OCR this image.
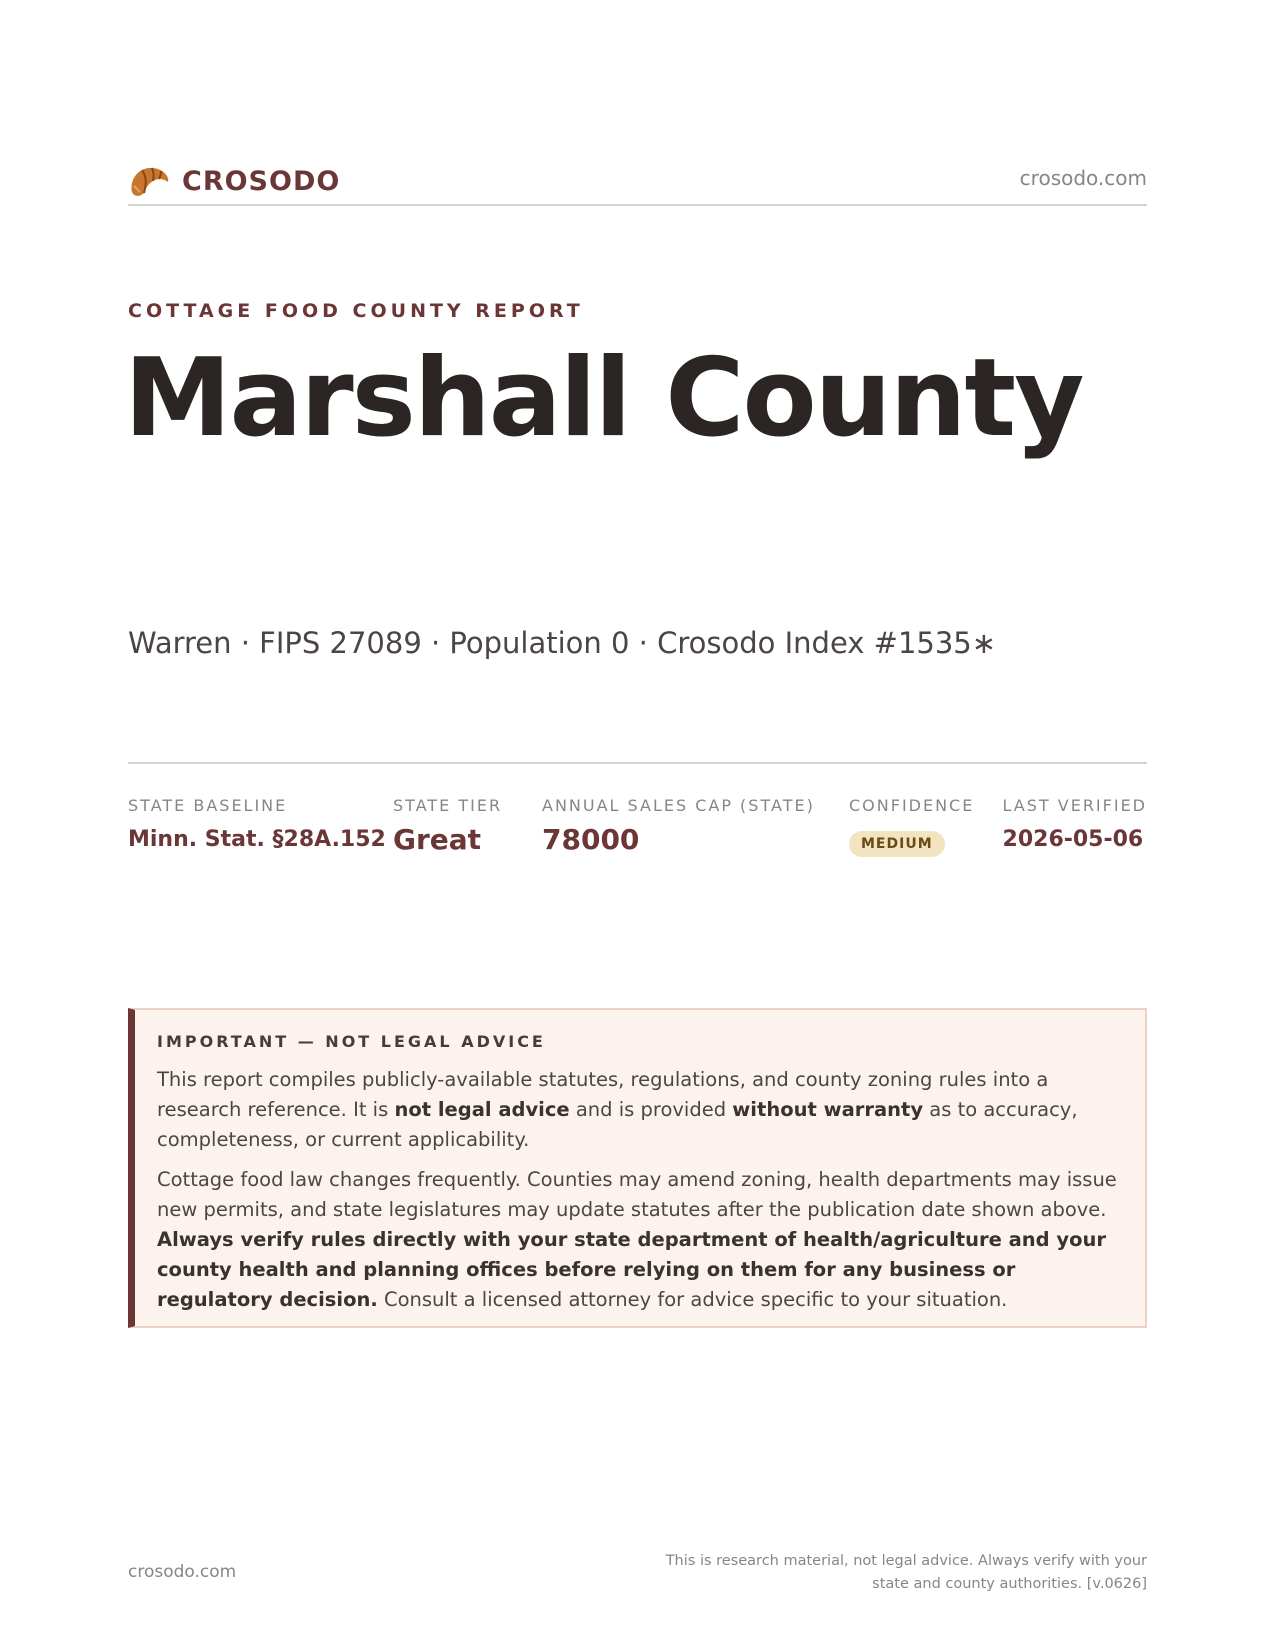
CROSODO	crosodo.com
COTTAGE FOOD COUNTY REPORT
Marshall County
Warren · FIPS 27089 · Population 0 · Crosodo Index #1535∗
STATE BASELINE
Minn. Stat. §28A.152
STATE TIER
Great
ANNUAL SALES CAP (STATE)
78000
CONFIDENCE
MEDIUM
LAST VERIFIED
2026-05-06
IMPORTANT — NOT LEGAL ADVICE

This report compiles publicly-available statutes, regulations, and county zoning rules into a research reference. It is not legal advice and is provided without warranty as to accuracy, completeness, or current applicability.

Cottage food law changes frequently. Counties may amend zoning, health departments may issue new permits, and state legislatures may update statutes after the publication date shown above. Always verify rules directly with your state department of health/agriculture and your county health and planning offices before relying on them for any business or regulatory decision. Consult a licensed attorney for advice specific to your situation.

crosodo.com
This is research material, not legal advice. Always verify with your state and county authorities. [v.0626]
